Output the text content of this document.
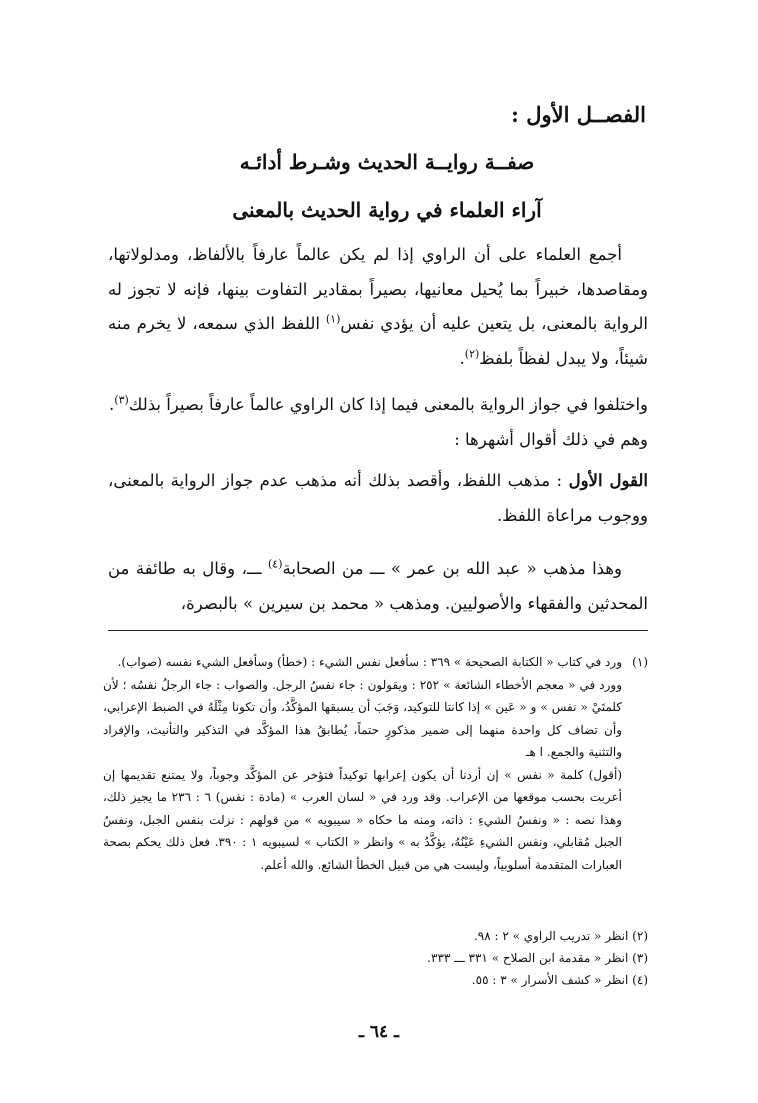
الفصــل الأول :
صفــة روايــة الحديث وشـرط أدائـه
آراء العلماء في رواية الحديث بالمعنى
أجمع العلماء على أن الراوي إذا لم يكن عالماً عارفاً بالألفاظ، ومدلولاتها، ومقاصدها، خبيراً بما يُحيل معانيها، بصيراً بمقادير التفاوت بينها، فإنه لا تجوز له الرواية بالمعنى، بل يتعين عليه أن يؤدي نفس$^{(١)}$ اللفظ الذي سمعه، لا يخرم منه شيئاً، ولا يبدل لفظاً بلفظ$^{(٢)}$.
واختلفوا في جواز الرواية بالمعنى فيما إذا كان الراوي عالماً عارفاً بصيراً بذلك$^{(٣)}$.
وهم في ذلك أقوال أشهرها :
القول الأول : مذهب اللفظ، وأقصد بذلك أنه مذهب عدم جواز الرواية بالمعنى، ووجوب مراعاة اللفظ.
وهذا مذهب « عبد الله بن عمر » ـــ من الصحابة$^{(٤)}$ ـــ، وقال به طائفة من المحدثين والفقهاء والأصوليين. ومذهب « محمد بن سيرين » بالبصرة،
(١)ورد في كتاب « الكتابة الصحيحة » ٣٦٩ : سأفعل نفس الشيء : (خطأ) وسأفعل الشيء نفسه (صواب).
وورد في « معجم الأخطاء الشائعة » ٢٥٢ : ويقولون : جاء نفسُ الرجل. والصواب : جاء الرجلُ نفسُه ؛ لأن كلمتَيْ « نفس » و « عَين » إذا كانتا للتوكيد، وَجَبَ أن يسبقها المؤكَّدُ، وأن تكونا مِثْلَهُ في الضبط الإعرابي، وأن تضاف كل واحدة منهما إلى ضمير مذكورٍ حتماً، يُطابقُ هذا المؤكَّد في التذكير والتأنيث، والإفراد والتثنية والجمع. ا هـ
(أقول) كلمة « نفس » إن أردنا أن يكون إعرابها توكيداً فتؤخر عن المؤكَّد وجوباً، ولا يمتنع تقديمها إن أعربت بحسب موقعها من الإعراب. وقد ورد في « لسان العرب » (مادة : نفس) ٦ : ٢٣٦ ما يجيز ذلك، وهذا نصه : « ونفسُ الشيءِ : ذاته، ومنه ما حكاه « سيبويه » من قولهم : نزلت بنفس الجبل، ونفسُ الجبل مُقابلي، ونفس الشيءِ عَيْنُهُ، يؤكَّدُ به » وانظر « الكتاب » لسيبويه ١ : ٣٩٠. فعل ذلك يحكم بصحة العبارات المتقدمة أسلوبياً، وليست هي من قبيل الخطأ الشائع. والله أعلم.
(٢) انظر « تدريب الراوي » ٢ : ٩٨.
(٣) انظر « مقدمة ابن الصلاح » ٣٣١ ـــ ٣٣٣.
(٤) انظر « كشف الأسرار » ٣ : ٥٥.
ـ ٦٤ ـ
